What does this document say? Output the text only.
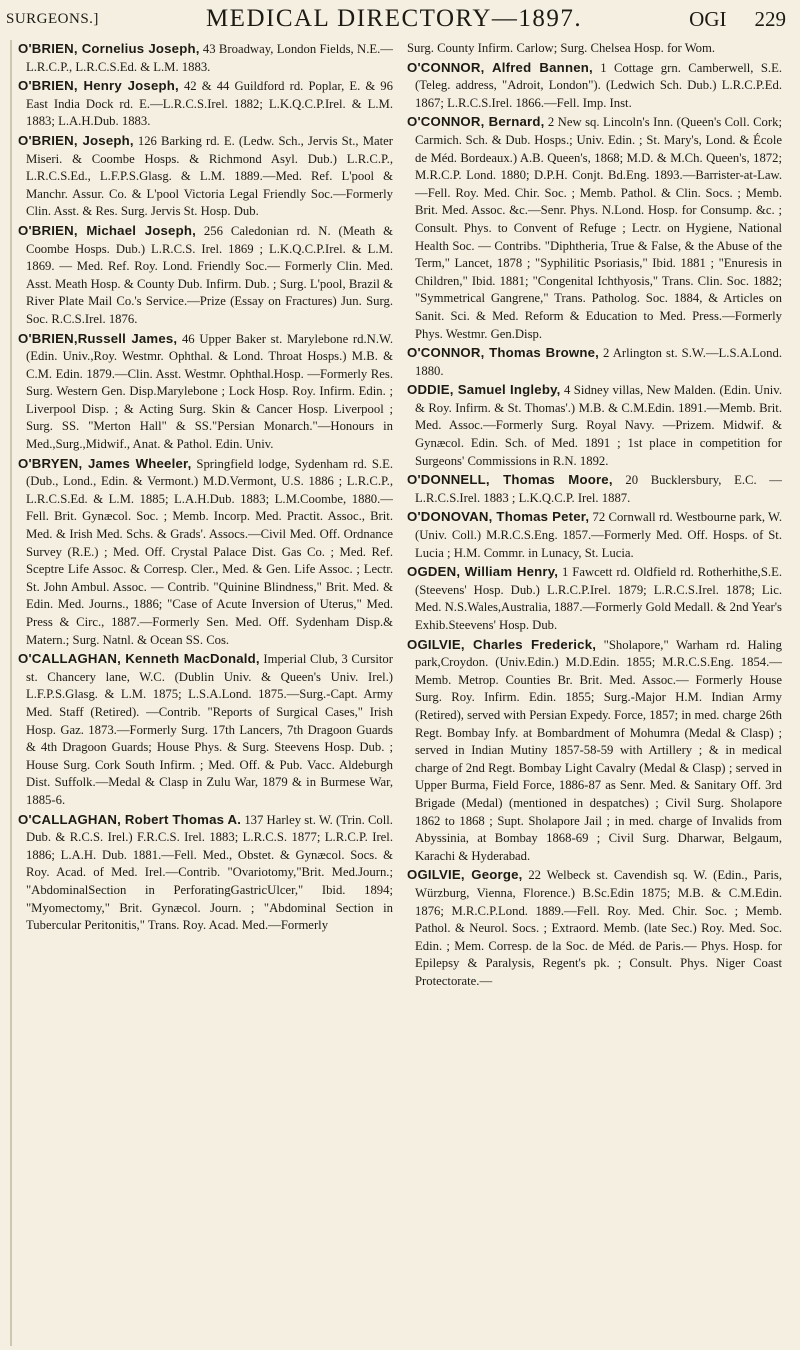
SURGEONS.]	MEDICAL DIRECTORY—1897.	OGI 229

O'BRIEN, Cornelius Joseph, 43 Broadway, London Fields, N.E.—L.R.C.P., L.R.C.S.Ed. & L.M. 1883.

O'BRIEN, Henry Joseph, 42 & 44 Guildford rd. Poplar, E. & 96 East India Dock rd. E.—L.R.C.S.Irel. 1882; L.K.Q.C.P.Irel. & L.M. 1883; L.A.H.Dub. 1883.

O'BRIEN, Joseph, 126 Barking rd. E. (Ledw. Sch., Jervis St., Mater Miseri. & Coombe Hosps. & Richmond Asyl. Dub.) L.R.C.P., L.R.C.S.Ed., L.F.P.S.Glasg. & L.M. 1889.—Med. Ref. L'pool & Manchr. Assur. Co. & L'pool Victoria Legal Friendly Soc.—Formerly Clin. Asst. & Res. Surg. Jervis St. Hosp. Dub.

O'BRIEN, Michael Joseph, 256 Caledonian rd. N. (Meath & Coombe Hosps. Dub.) L.R.C.S. Irel. 1869 ; L.K.Q.C.P.Irel. & L.M. 1869. — Med. Ref. Roy. Lond. Friendly Soc.— Formerly Clin. Med. Asst. Meath Hosp. & County Dub. Infirm. Dub. ; Surg. L'pool, Brazil & River Plate Mail Co.'s Service.—Prize (Essay on Fractures) Jun. Surg. Soc. R.C.S.Irel. 1876.

O'BRIEN,Russell James, 46 Upper Baker st. Marylebone rd.N.W. (Edin. Univ.,Roy. Westmr. Ophthal. & Lond. Throat Hosps.) M.B. & C.M. Edin. 1879.—Clin. Asst. Westmr. Ophthal.Hosp. —Formerly Res. Surg. Western Gen. Disp.Marylebone ; Lock Hosp. Roy. Infirm. Edin. ; Liverpool Disp. ; & Acting Surg. Skin & Cancer Hosp. Liverpool ; Surg. SS. "Merton Hall" & SS."Persian Monarch."—Honours in Med.,Surg.,Midwif., Anat. & Pathol. Edin. Univ.

O'BRYEN, James Wheeler, Springfield lodge, Sydenham rd. S.E. (Dub., Lond., Edin. & Vermont.) M.D.Vermont, U.S. 1886 ; L.R.C.P., L.R.C.S.Ed. & L.M. 1885; L.A.H.Dub. 1883; L.M.Coombe, 1880.—Fell. Brit. Gynæcol. Soc. ; Memb. Incorp. Med. Practit. Assoc., Brit. Med. & Irish Med. Schs. & Grads'. Assocs.—Civil Med. Off. Ordnance Survey (R.E.) ; Med. Off. Crystal Palace Dist. Gas Co. ; Med. Ref. Sceptre Life Assoc. & Corresp. Cler., Med. & Gen. Life Assoc. ; Lectr. St. John Ambul. Assoc. — Contrib. "Quinine Blindness," Brit. Med. & Edin. Med. Journs., 1886; "Case of Acute Inversion of Uterus," Med. Press & Circ., 1887.—Formerly Sen. Med. Off. Sydenham Disp.& Matern.; Surg. Natnl. & Ocean SS. Cos.

O'CALLAGHAN, Kenneth MacDonald, Imperial Club, 3 Cursitor st. Chancery lane, W.C. (Dublin Univ. & Queen's Univ. Irel.) L.F.P.S.Glasg. & L.M. 1875; L.S.A.Lond. 1875.—Surg.-Capt. Army Med. Staff (Retired). —Contrib. "Reports of Surgical Cases," Irish Hosp. Gaz. 1873.—Formerly Surg. 17th Lancers, 7th Dragoon Guards & 4th Dragoon Guards; House Phys. & Surg. Steevens Hosp. Dub. ; House Surg. Cork South Infirm. ; Med. Off. & Pub. Vacc. Aldeburgh Dist. Suffolk.—Medal & Clasp in Zulu War, 1879 & in Burmese War, 1885-6.

O'CALLAGHAN, Robert Thomas A. 137 Harley st. W. (Trin. Coll. Dub. & R.C.S. Irel.) F.R.C.S. Irel. 1883; L.R.C.S. 1877; L.R.C.P. Irel. 1886; L.A.H. Dub. 1881.—Fell. Med., Obstet. & Gynæcol. Socs. & Roy. Acad. of Med. Irel.—Contrib. "Ovariotomy,"Brit. Med.Journ.; "AbdominalSection in PerforatingGastricUlcer," Ibid. 1894; "Myomectomy," Brit. Gynæcol. Journ. ; "Abdominal Section in Tubercular Peritonitis," Trans. Roy. Acad. Med.—Formerly

Surg. County Infirm. Carlow; Surg. Chelsea Hosp. for Wom.

O'CONNOR, Alfred Bannen, 1 Cottage grn. Camberwell, S.E. (Teleg. address, "Adroit, London"). (Ledwich Sch. Dub.) L.R.C.P.Ed. 1867; L.R.C.S.Irel. 1866.—Fell. Imp. Inst.

O'CONNOR, Bernard, 2 New sq. Lincoln's Inn. (Queen's Coll. Cork; Carmich. Sch. & Dub. Hosps.; Univ. Edin. ; St. Mary's, Lond. & École de Méd. Bordeaux.) A.B. Queen's, 1868; M.D. & M.Ch. Queen's, 1872; M.R.C.P. Lond. 1880; D.P.H. Conjt. Bd.Eng. 1893.—Barrister-at-Law. —Fell. Roy. Med. Chir. Soc. ; Memb. Pathol. & Clin. Socs. ; Memb. Brit. Med. Assoc. &c.—Senr. Phys. N.Lond. Hosp. for Consump. &c. ; Consult. Phys. to Convent of Refuge ; Lectr. on Hygiene, National Health Soc. — Contribs. "Diphtheria, True & False, & the Abuse of the Term," Lancet, 1878 ; "Syphilitic Psoriasis," Ibid. 1881 ; "Enuresis in Children," Ibid. 1881; "Congenital Ichthyosis," Trans. Clin. Soc. 1882; "Symmetrical Gangrene," Trans. Patholog. Soc. 1884, & Articles on Sanit. Sci. & Med. Reform & Education to Med. Press.—Formerly Phys. Westmr. Gen.Disp.

O'CONNOR, Thomas Browne, 2 Arlington st. S.W.—L.S.A.Lond. 1880.

ODDIE, Samuel Ingleby, 4 Sidney villas, New Malden. (Edin. Univ. & Roy. Infirm. & St. Thomas'.) M.B. & C.M.Edin. 1891.—Memb. Brit. Med. Assoc.—Formerly Surg. Royal Navy. —Prizem. Midwif. & Gynæcol. Edin. Sch. of Med. 1891 ; 1st place in competition for Surgeons' Commissions in R.N. 1892.

O'DONNELL, Thomas Moore, 20 Bucklersbury, E.C. —L.R.C.S.Irel. 1883 ; L.K.Q.C.P. Irel. 1887.

O'DONOVAN, Thomas Peter, 72 Cornwall rd. Westbourne park, W. (Univ. Coll.) M.R.C.S.Eng. 1857.—Formerly Med. Off. Hosps. of St. Lucia ; H.M. Commr. in Lunacy, St. Lucia.

OGDEN, William Henry, 1 Fawcett rd. Oldfield rd. Rotherhithe,S.E. (Steevens' Hosp. Dub.) L.R.C.P.Irel. 1879; L.R.C.S.Irel. 1878; Lic. Med. N.S.Wales,Australia, 1887.—Formerly Gold Medall. & 2nd Year's Exhib.Steevens' Hosp. Dub.

OGILVIE, Charles Frederick, "Sholapore," Warham rd. Haling park,Croydon. (Univ.Edin.) M.D.Edin. 1855; M.R.C.S.Eng. 1854.—Memb. Metrop. Counties Br. Brit. Med. Assoc.— Formerly House Surg. Roy. Infirm. Edin. 1855; Surg.-Major H.M. Indian Army (Retired), served with Persian Expedy. Force, 1857; in med. charge 26th Regt. Bombay Infy. at Bombardment of Mohumra (Medal & Clasp) ; served in Indian Mutiny 1857-58-59 with Artillery ; & in medical charge of 2nd Regt. Bombay Light Cavalry (Medal & Clasp) ; served in Upper Burma, Field Force, 1886-87 as Senr. Med. & Sanitary Off. 3rd Brigade (Medal) (mentioned in despatches) ; Civil Surg. Sholapore 1862 to 1868 ; Supt. Sholapore Jail ; in med. charge of Invalids from Abyssinia, at Bombay 1868-69 ; Civil Surg. Dharwar, Belgaum, Karachi & Hyderabad.

OGILVIE, George, 22 Welbeck st. Cavendish sq. W. (Edin., Paris, Würzburg, Vienna, Florence.) B.Sc.Edin 1875; M.B. & C.M.Edin. 1876; M.R.C.P.Lond. 1889.—Fell. Roy. Med. Chir. Soc. ; Memb. Pathol. & Neurol. Socs. ; Extraord. Memb. (late Sec.) Roy. Med. Soc. Edin. ; Mem. Corresp. de la Soc. de Méd. de Paris.— Phys. Hosp. for Epilepsy & Paralysis, Regent's pk. ; Consult. Phys. Niger Coast Protectorate.—
